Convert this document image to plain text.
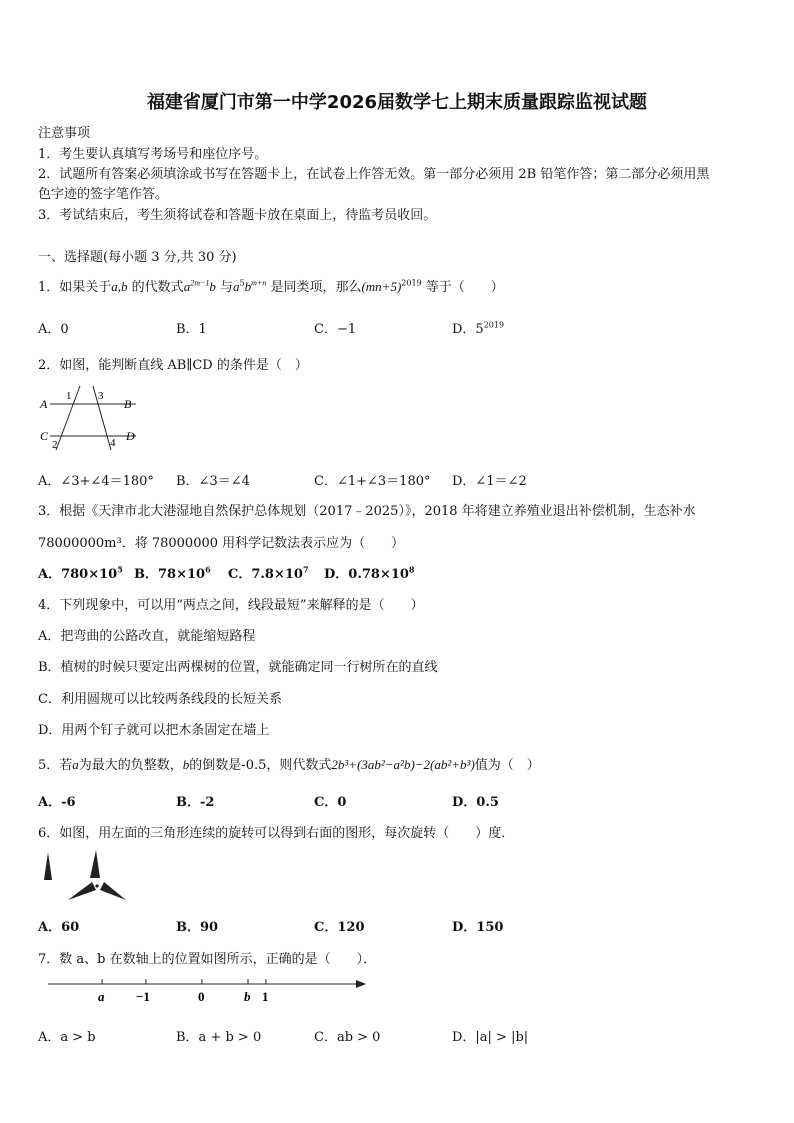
福建省厦门市第一中学2026届数学七上期末质量跟踪监视试题
注意事项
1．考生要认真填写考场号和座位序号。
2．试题所有答案必须填涂或书写在答题卡上，在试卷上作答无效。第一部分必须用 2B 铅笔作答；第二部分必须用黑
色字迹的签字笔作答。
3．考试结束后，考生须将试卷和答题卡放在桌面上，待监考员收回。
一、选择题(每小题 3 分,共 30 分)
1．如果关于a,b 的代数式$a^{2m-1}b$ 与$a^5b^{m+n}$ 是同类项，那么$(mn+5)^{2019}$ 等于（　　）
A．0	B．1	C．−1	D．$5^{2019}$
2．如图，能判断直线 AB∥CD 的条件是（　）
A	B
C	D
1
2
3
4
A．∠3+∠4＝180° B．∠3＝∠4	C．∠1+∠3＝180° D．∠1＝∠2
3．根据《天津市北大港湿地自然保护总体规划（2017﹣2025）》，2018 年将建立养殖业退出补偿机制，生态补水
78000000m³．将 78000000 用科学记数法表示应为（　　）
A．$780\times 10^5$ B．$78\times 10^6$ C．$7.8\times 10^7$ D．$0.78\times 10^8$
4．下列现象中，可以用“两点之间，线段最短”来解释的是（　　）
A．把弯曲的公路改直，就能缩短路程
B．植树的时候只要定出两棵树的位置，就能确定同一行树所在的直线
C．利用圆规可以比较两条线段的长短关系
D．用两个钉子就可以把木条固定在墙上
5．若a为最大的负整数，b的倒数是-0.5，则代数式2b³+(3ab²−a²b)−2(ab²+b³)值为（　）
A．-6	B．-2	C．0	D．0.5
6．如图，用左面的三角形连续的旋转可以得到右面的图形，每次旋转（　　）度．
A．60	B．90	C．120	D．150
7．数 a、b 在数轴上的位置如图所示，正确的是（　　）．
a −1	0	b 1
A．a > b	B．a + b > 0	C．ab > 0	D．|a| > |b|
